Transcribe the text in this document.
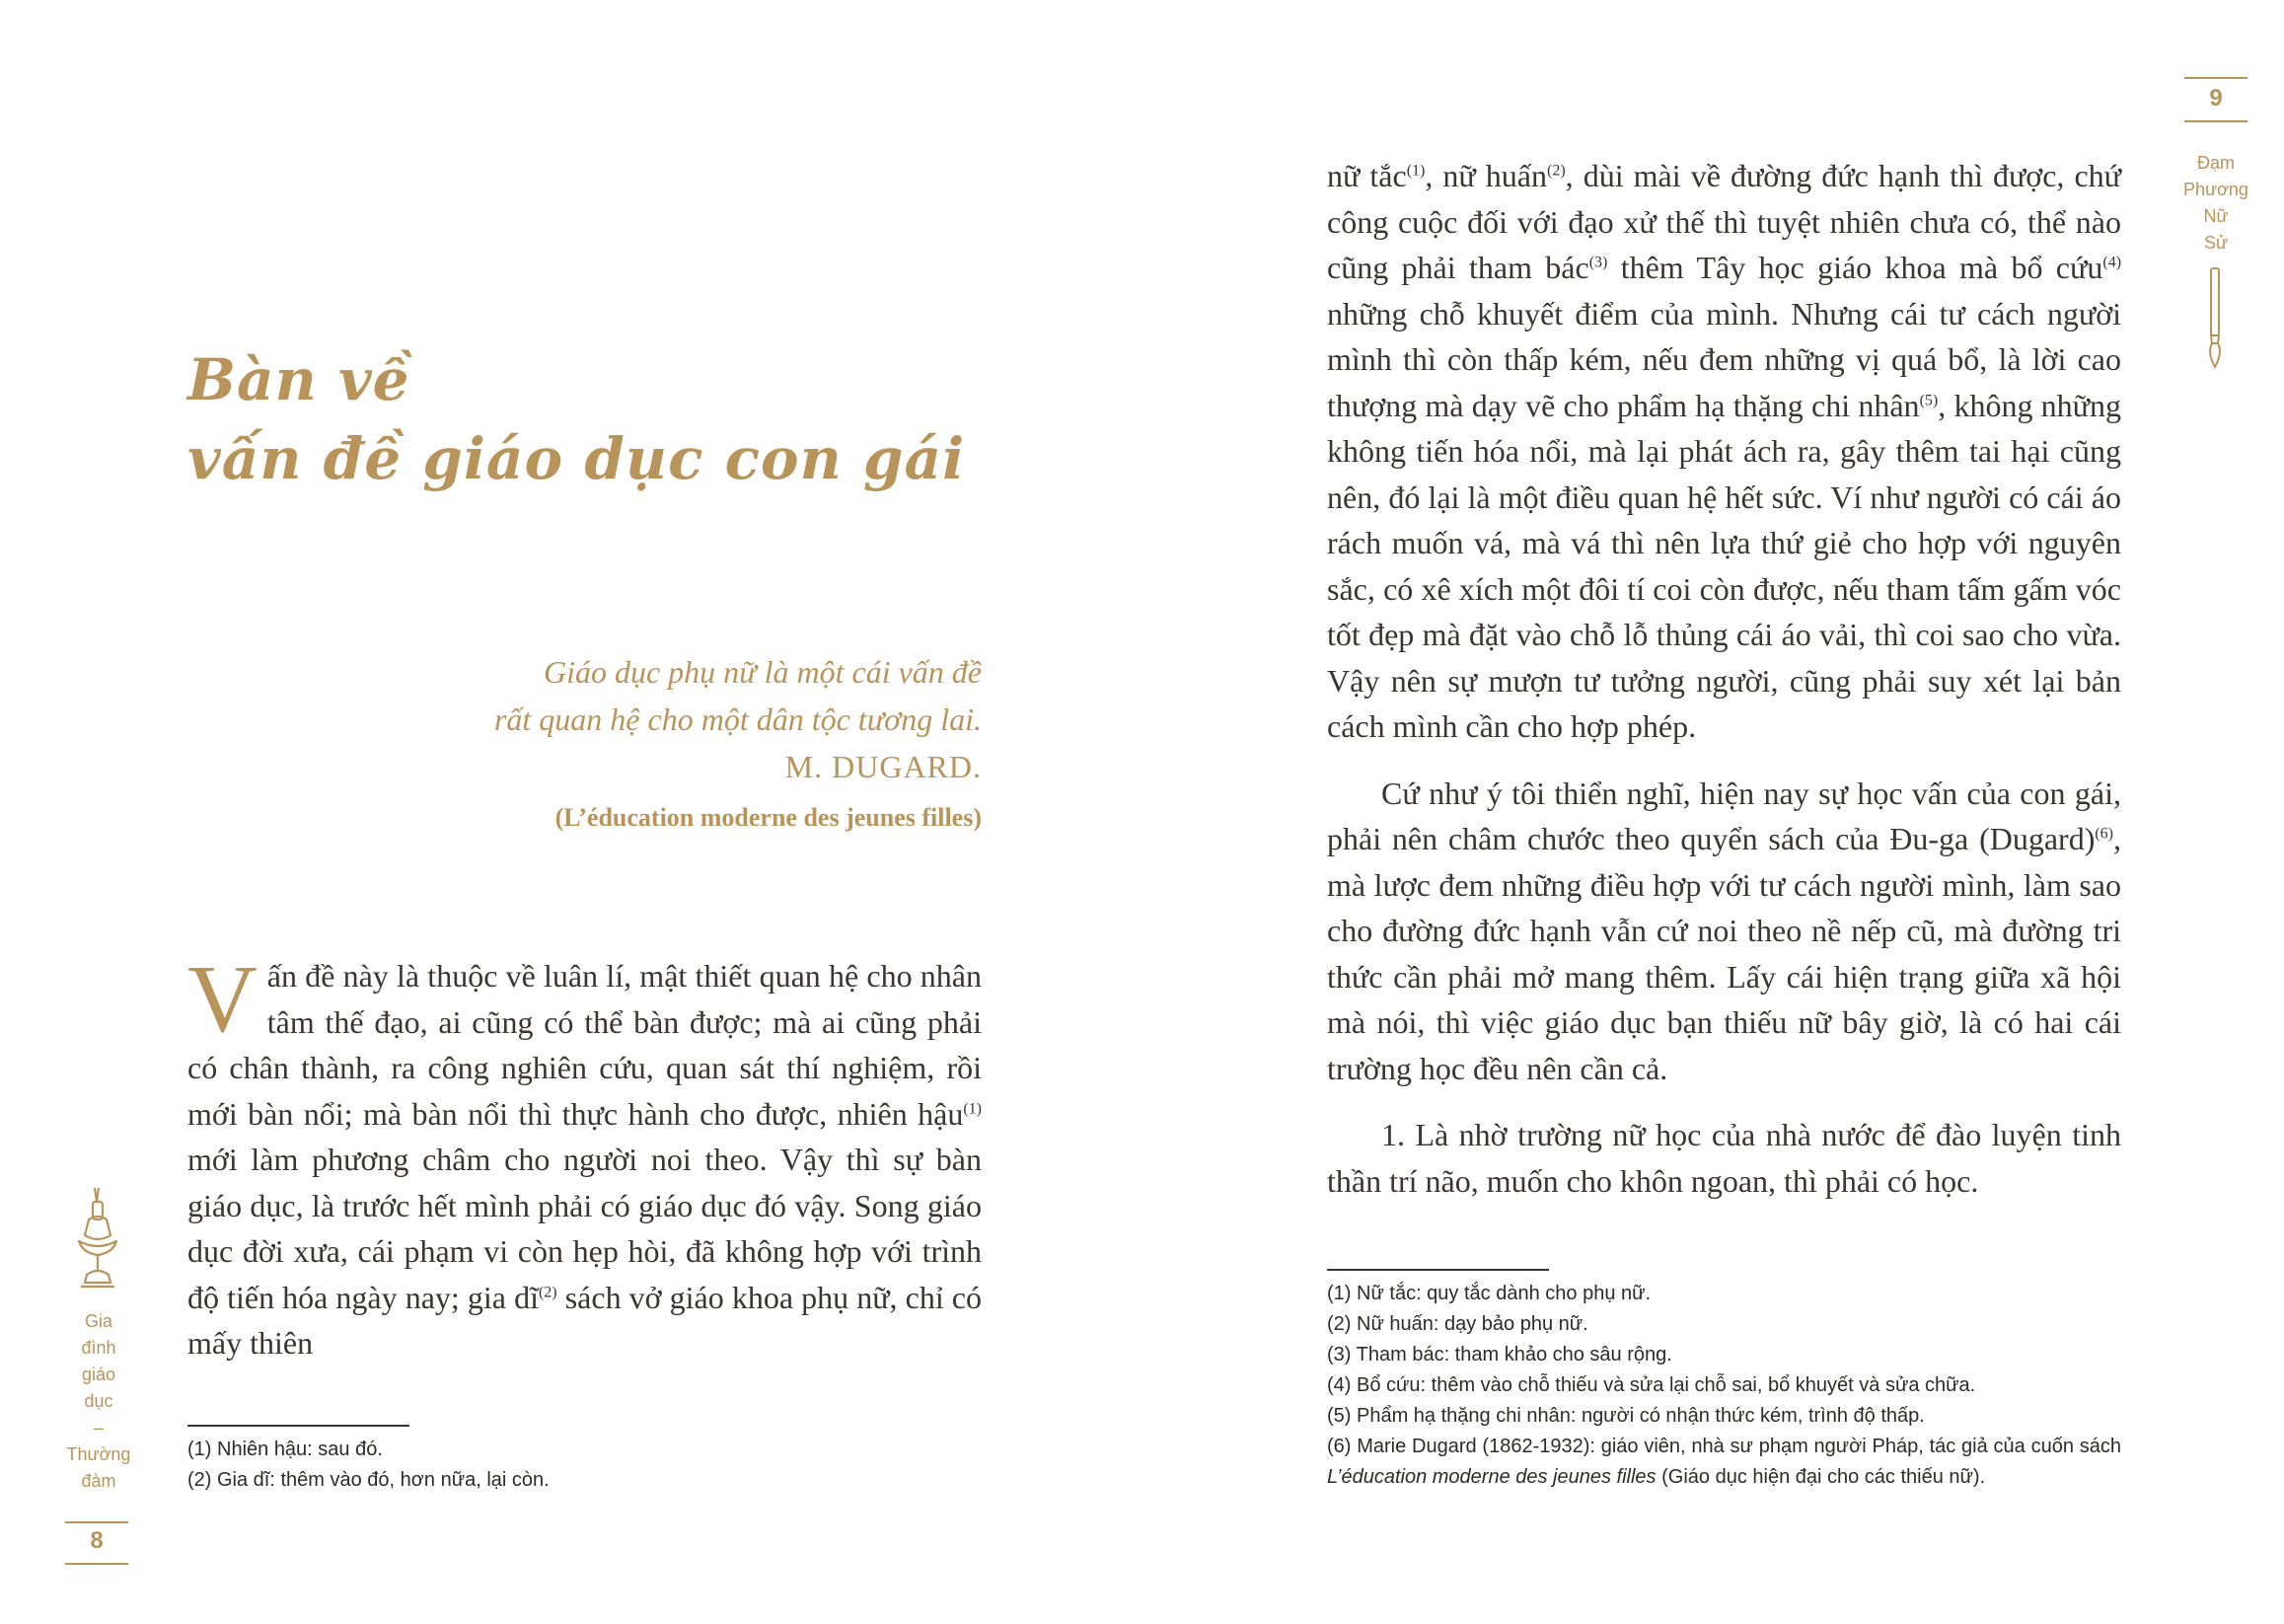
Gia
đình
giáo
dục
–
Thường
đàm
8
Bàn về
vấn đề giáo dục con gái
Giáo dục phụ nữ là một cái vấn đề
rất quan hệ cho một dân tộc tương lai.
M. DUGARD.
(L’éducation moderne des jeunes filles)

Vấn đề này là thuộc về luân lí, mật thiết quan hệ cho nhân tâm thế đạo, ai cũng có thể bàn được; mà ai cũng phải có chân thành, ra công nghiên cứu, quan sát thí nghiệm, rồi mới bàn nổi; mà bàn nổi thì thực hành cho được, nhiên hậu$^{(1)}$ mới làm phương châm cho người noi theo. Vậy thì sự bàn giáo dục, là trước hết mình phải có giáo dục đó vậy. Song giáo dục đời xưa, cái phạm vi còn hẹp hòi, đã không hợp với trình độ tiến hóa ngày nay; gia $dĩ^{(2)}$ sách vở giáo khoa phụ nữ, chỉ có mấy thiên

(1) Nhiên hậu: sau đó.
(2) Gia dĩ: thêm vào đó, hơn nữa, lại còn.
9
Đạm
Phương
Nữ
Sử

nữ tắc$^{(1)}$, nữ huấn$^{(2)}$, dùi mài về đường đức hạnh thì được, chứ công cuộc đối với đạo xử thế thì tuyệt nhiên chưa có, thể nào cũng phải tham bác$^{(3)}$ thêm Tây học giáo khoa mà bổ cứu$^{(4)}$ những chỗ khuyết điểm của mình. Nhưng cái tư cách người mình thì còn thấp kém, nếu đem những vị quá bổ, là lời cao thượng mà dạy vẽ cho phẩm hạ thặng chi nhân$^{(5)}$, không những không tiến hóa nổi, mà lại phát ách ra, gây thêm tai hại cũng nên, đó lại là một điều quan hệ hết sức. Ví như người có cái áo rách muốn vá, mà vá thì nên lựa thứ giẻ cho hợp với nguyên sắc, có xê xích một đôi tí coi còn được, nếu tham tấm gấm vóc tốt đẹp mà đặt vào chỗ lỗ thủng cái áo vải, thì coi sao cho vừa. Vậy nên sự mượn tư tưởng người, cũng phải suy xét lại bản cách mình cần cho hợp phép.

Cứ như ý tôi thiển nghĩ, hiện nay sự học vấn của con gái, phải nên châm chước theo quyển sách của Đu-ga (Dugard)$^{(6)}$, mà lược đem những điều hợp với tư cách người mình, làm sao cho đường đức hạnh vẫn cứ noi theo nề nếp cũ, mà đường tri thức cần phải mở mang thêm. Lấy cái hiện trạng giữa xã hội mà nói, thì việc giáo dục bạn thiếu nữ bây giờ, là có hai cái trường học đều nên cần cả.

1. Là nhờ trường nữ học của nhà nước để đào luyện tinh thần trí não, muốn cho khôn ngoan, thì phải có học.

(1) Nữ tắc: quy tắc dành cho phụ nữ.
(2) Nữ huấn: dạy bảo phụ nữ.
(3) Tham bác: tham khảo cho sâu rộng.
(4) Bổ cứu: thêm vào chỗ thiếu và sửa lại chỗ sai, bổ khuyết và sửa chữa.
(5) Phẩm hạ thặng chi nhân: người có nhận thức kém, trình độ thấp.
(6) Marie Dugard (1862-1932): giáo viên, nhà sư phạm người Pháp, tác giả của cuốn sách L’éducation moderne des jeunes filles (Giáo dục hiện đại cho các thiếu nữ).
